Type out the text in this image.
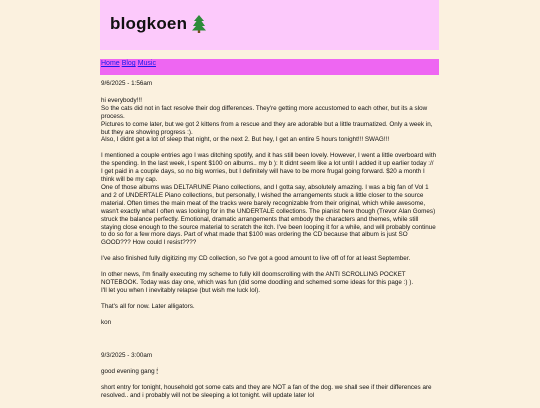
blogkoen
Home Blog Music

9/6/2025 - 1:56am

hi everybody!!!
So the cats did not in fact resolve their dog differences. They're getting more accustomed to each other, but its a slow process.
Pictures to come later, but we got 2 kittens from a rescue and they are adorable but a little traumatized. Only a week in, but they are showing progress :).
Also, I didnt get a lot of sleep that night, or the next 2. But hey, I get an entire 5 hours tonight!!! SWAG!!!

I mentioned a couple entries ago I was ditching spotify, and it has still been lovely. However, I went a little overboard with the spending. In the last week, I spent $100 on albums.. my b ): It didnt seem like a lot until I added it up earlier today :// I get paid in a couple days, so no big worries, but I definitely will have to be more frugal going forward. $20 a month I think will be my cap.
One of those albums was DELTARUNE Piano collections, and I gotta say, absolutely amazing. I was a big fan of Vol 1 and 2 of UNDERTALE Piano collections, but personally, I wished the arrangements stuck a little closer to the source material. Often times the main meat of the tracks were barely recognizable from their original, which while awesome, wasn't exactly what I often was looking for in the UNDERTALE collections. The pianist here though (Trevor Alan Gomes) struck the balance perfectly. Emotional, dramatic arrangements that embody the characters and themes, while still staying close enough to the source material to scratch the itch. I've been looping it for a while, and will probably continue to do so for a few more days. Part of what made that $100 was ordering the CD because that album is just SO GOOD??? How could I resist????

I've also finished fully digitizing my CD collection, so I've got a good amount to live off of for at least September.

In other news, I'm finally executing my scheme to fully kill doomscrolling with the ANTI SCROLLING POCKET NOTEBOOK. Today was day one, which was fun (did some doodling and schemed some ideas for this page :) ).
I'll let you when I inevitably relapse (but wish me luck lol).

That's all for now. Later alligators.

kon

9/3/2025 - 3:00am

good evening gang 🕯

short entry for tonight, household got some cats and they are NOT a fan of the dog. we shall see if their differences are resolved.. and i probably will not be sleeping a lot tonight. will update later lol
